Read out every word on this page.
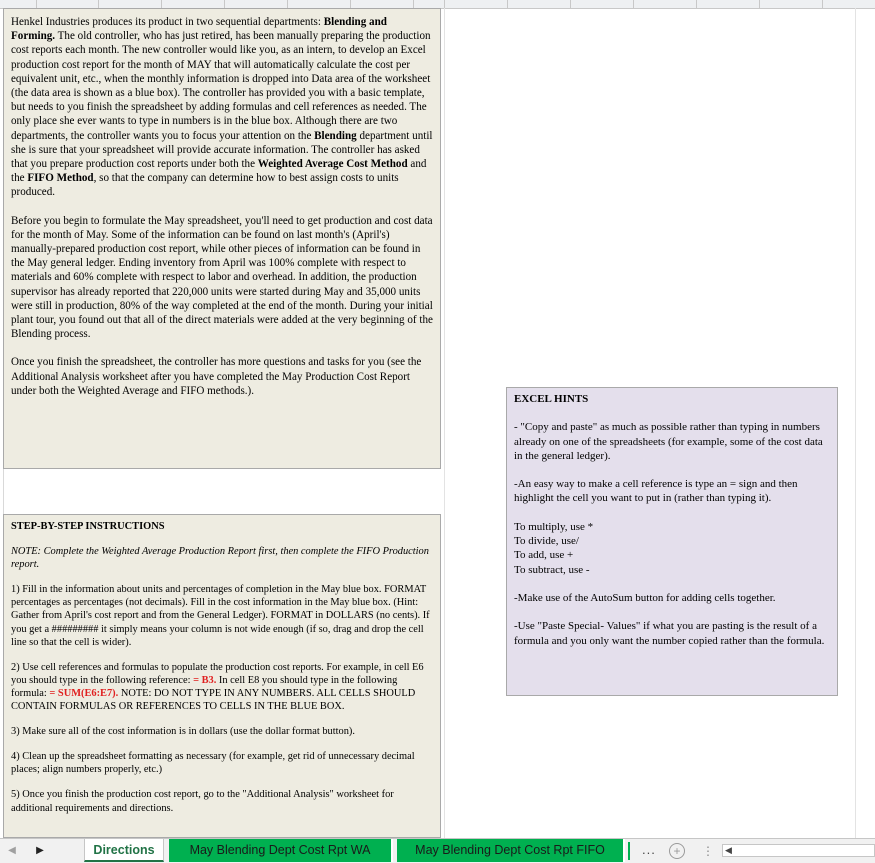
Henkel Industries produces its product in two sequential departments: Blending and Forming. The old controller, who has just retired, has been manually preparing the production cost reports each month. The new controller would like you, as an intern, to develop an Excel production cost report for the month of MAY that will automatically calculate the cost per equivalent unit, etc., when the monthly information is dropped into Data area of the worksheet (the data area is shown as a blue box). The controller has provided you with a basic template, but needs to you finish the spreadsheet by adding formulas and cell references as needed. The only place she ever wants to type in numbers is in the blue box. Although there are two departments, the controller wants you to focus your attention on the Blending department until she is sure that your spreadsheet will provide accurate information. The controller has asked that you prepare production cost reports under both the Weighted Average Cost Method and the FIFO Method, so that the company can determine how to best assign costs to units produced.

Before you begin to formulate the May spreadsheet, you'll need to get production and cost data for the month of May. Some of the information can be found on last month's (April's) manually-prepared production cost report, while other pieces of information can be found in the May general ledger. Ending inventory from April was 100% complete with respect to materials and 60% complete with respect to labor and overhead. In addition, the production supervisor has already reported that 220,000 units were started during May and 35,000 units were still in production, 80% of the way completed at the end of the month. During your initial plant tour, you found out that all of the direct materials were added at the very beginning of the Blending process.

Once you finish the spreadsheet, the controller has more questions and tasks for you (see the Additional Analysis worksheet after you have completed the May Production Cost Report under both the Weighted Average and FIFO methods.).

STEP-BY-STEP INSTRUCTIONS

NOTE: Complete the Weighted Average Production Report first, then complete the FIFO Production report.

1) Fill in the information about units and percentages of completion in the May blue box. FORMAT percentages as percentages (not decimals). Fill in the cost information in the May blue box. (Hint: Gather from April's cost report and from the General Ledger). FORMAT in DOLLARS (no cents). If you get a ######### it simply means your column is not wide enough (if so, drag and drop the cell line so that the cell is wider).

2) Use cell references and formulas to populate the production cost reports. For example, in cell E6 you should type in the following reference: = B3. In cell E8 you should type in the following formula: = SUM(E6:E7). NOTE: DO NOT TYPE IN ANY NUMBERS. ALL CELLS SHOULD CONTAIN FORMULAS OR REFERENCES TO CELLS IN THE BLUE BOX.

3) Make sure all of the cost information is in dollars (use the dollar format button).

4) Clean up the spreadsheet formatting as necessary (for example, get rid of unnecessary decimal places; align numbers properly, etc.)

5) Once you finish the production cost report, go to the "Additional Analysis" worksheet for additional requirements and directions.

EXCEL HINTS

- "Copy and paste" as much as possible rather than typing in numbers already on one of the spreadsheets (for example, some of the cost data in the general ledger).

-An easy way to make a cell reference is type an = sign and then highlight the cell you want to put in (rather than typing it).

To multiply, use *

To divide, use/

To add, use +

To subtract, use -

-Make use of the AutoSum button for adding cells together.

-Use "Paste Special- Values" if what you are pasting is the result of a formula and you only want the number copied rather than the formula.

◀ ▶	Directions	May Blending Dept Cost Rpt WA	May Blending Dept Cost Rpt FIFO	...	+	⋮ ◀
